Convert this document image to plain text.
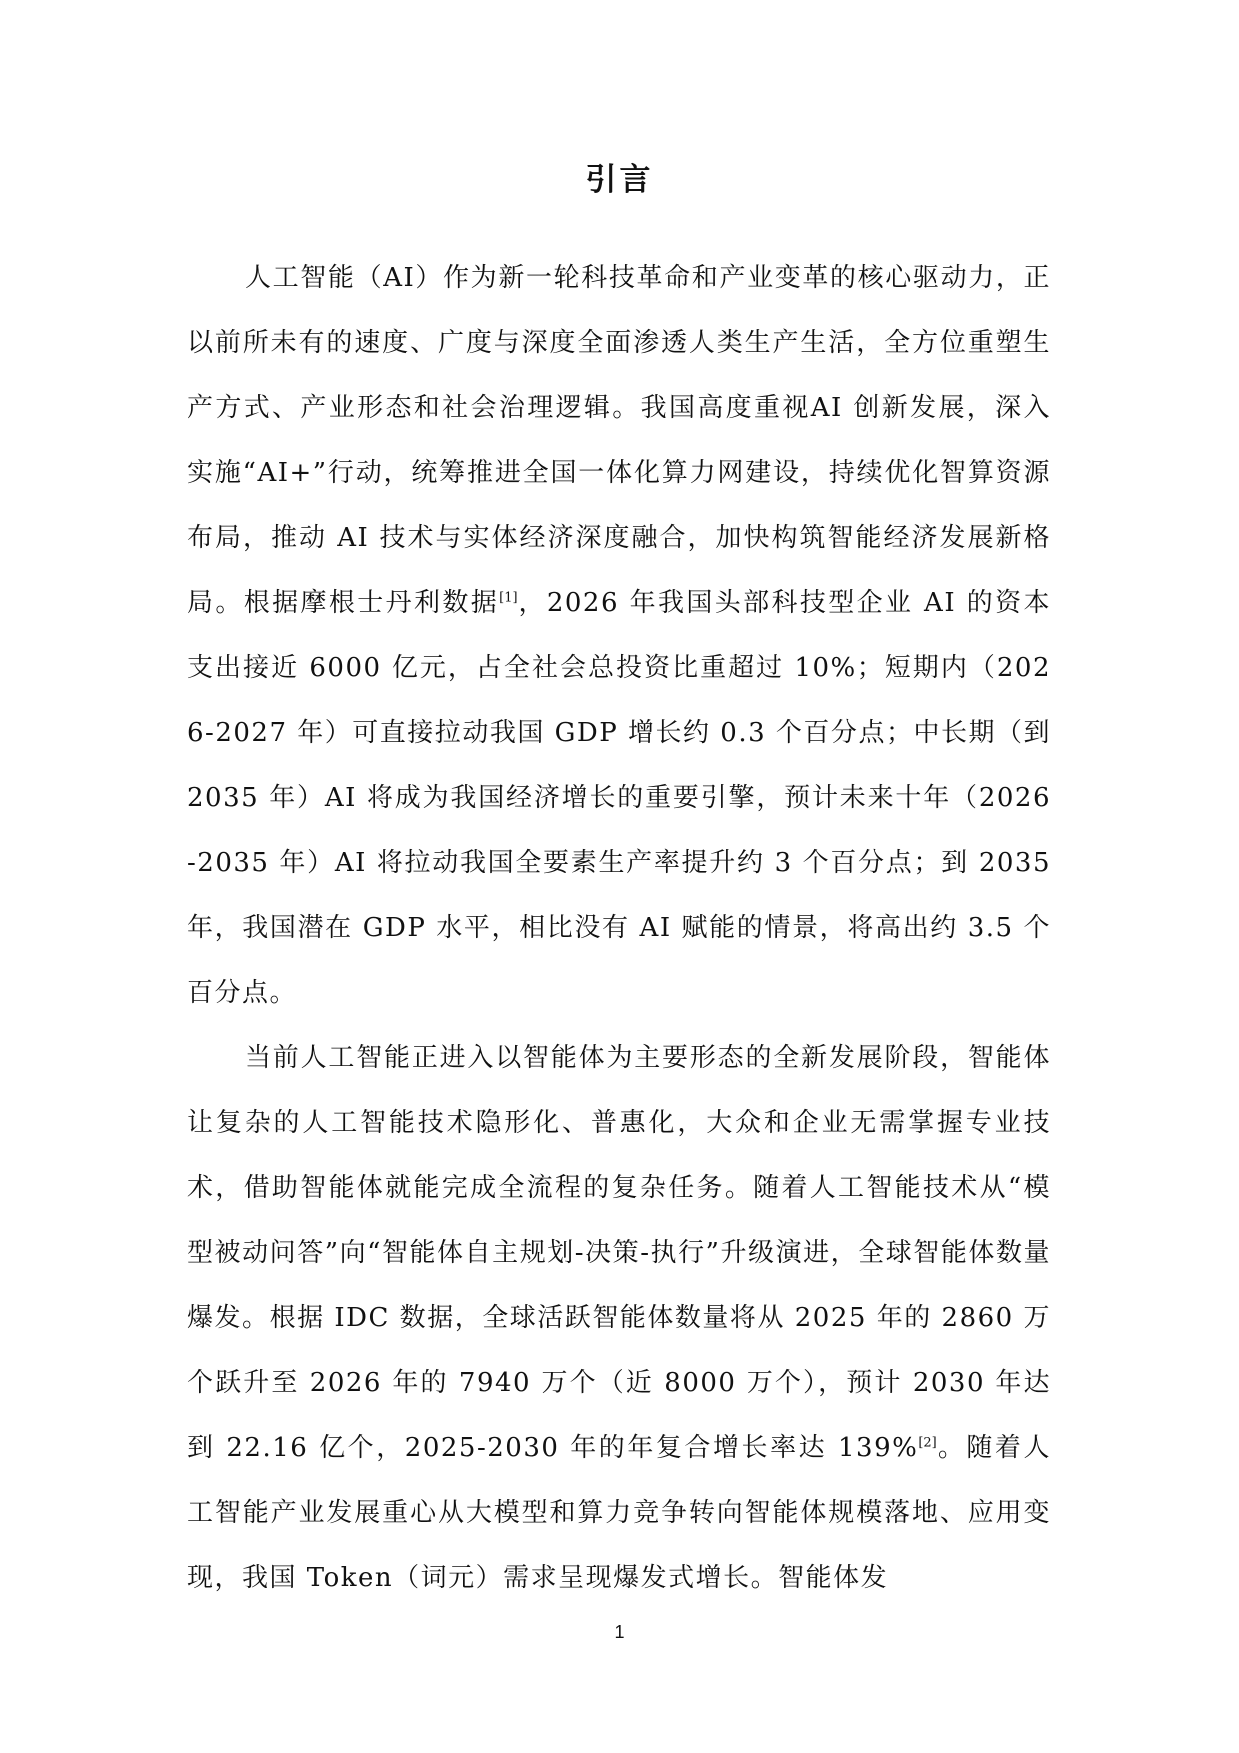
引言

人工智能（AI）作为新一轮科技革命和产业变革的核心驱动力，正以前所未有的速度、广度与深度全面渗透人类生产生活，全方位重塑生产方式、产业形态和社会治理逻辑。我国高度重视AI 创新发展，深入实施“AI+”行动，统筹推进全国一体化算力网建设，持续优化智算资源布局，推动 AI 技术与实体经济深度融合，加快构筑智能经济发展新格局。根据摩根士丹利数据[1]，2026 年我国头部科技型企业 AI 的资本支出接近 6000 亿元，占全社会总投资比重超过 10%；短期内（2026-2027 年）可直接拉动我国 GDP 增长约 0.3 个百分点；中长期（到 2035 年）AI 将成为我国经济增长的重要引擎，预计未来十年（2026-2035 年）AI 将拉动我国全要素生产率提升约 3 个百分点；到 2035 年，我国潜在 GDP 水平，相比没有 AI 赋能的情景，将高出约 3.5 个百分点。

当前人工智能正进入以智能体为主要形态的全新发展阶段，智能体让复杂的人工智能技术隐形化、普惠化，大众和企业无需掌握专业技术，借助智能体就能完成全流程的复杂任务。随着人工智能技术从“模型被动问答”向“智能体自主规划-决策-执行”升级演进，全球智能体数量爆发。根据 IDC 数据，全球活跃智能体数量将从 2025 年的 2860 万个跃升至 2026 年的 7940 万个（近 8000 万个），预计 2030 年达到 22.16 亿个，2025-2030 年的年复合增长率达 139%[2]。随着人工智能产业发展重心从大模型和算力竞争转向智能体规模落地、应用变现，我国 Token（词元）需求呈现爆发式增长。智能体发

1
